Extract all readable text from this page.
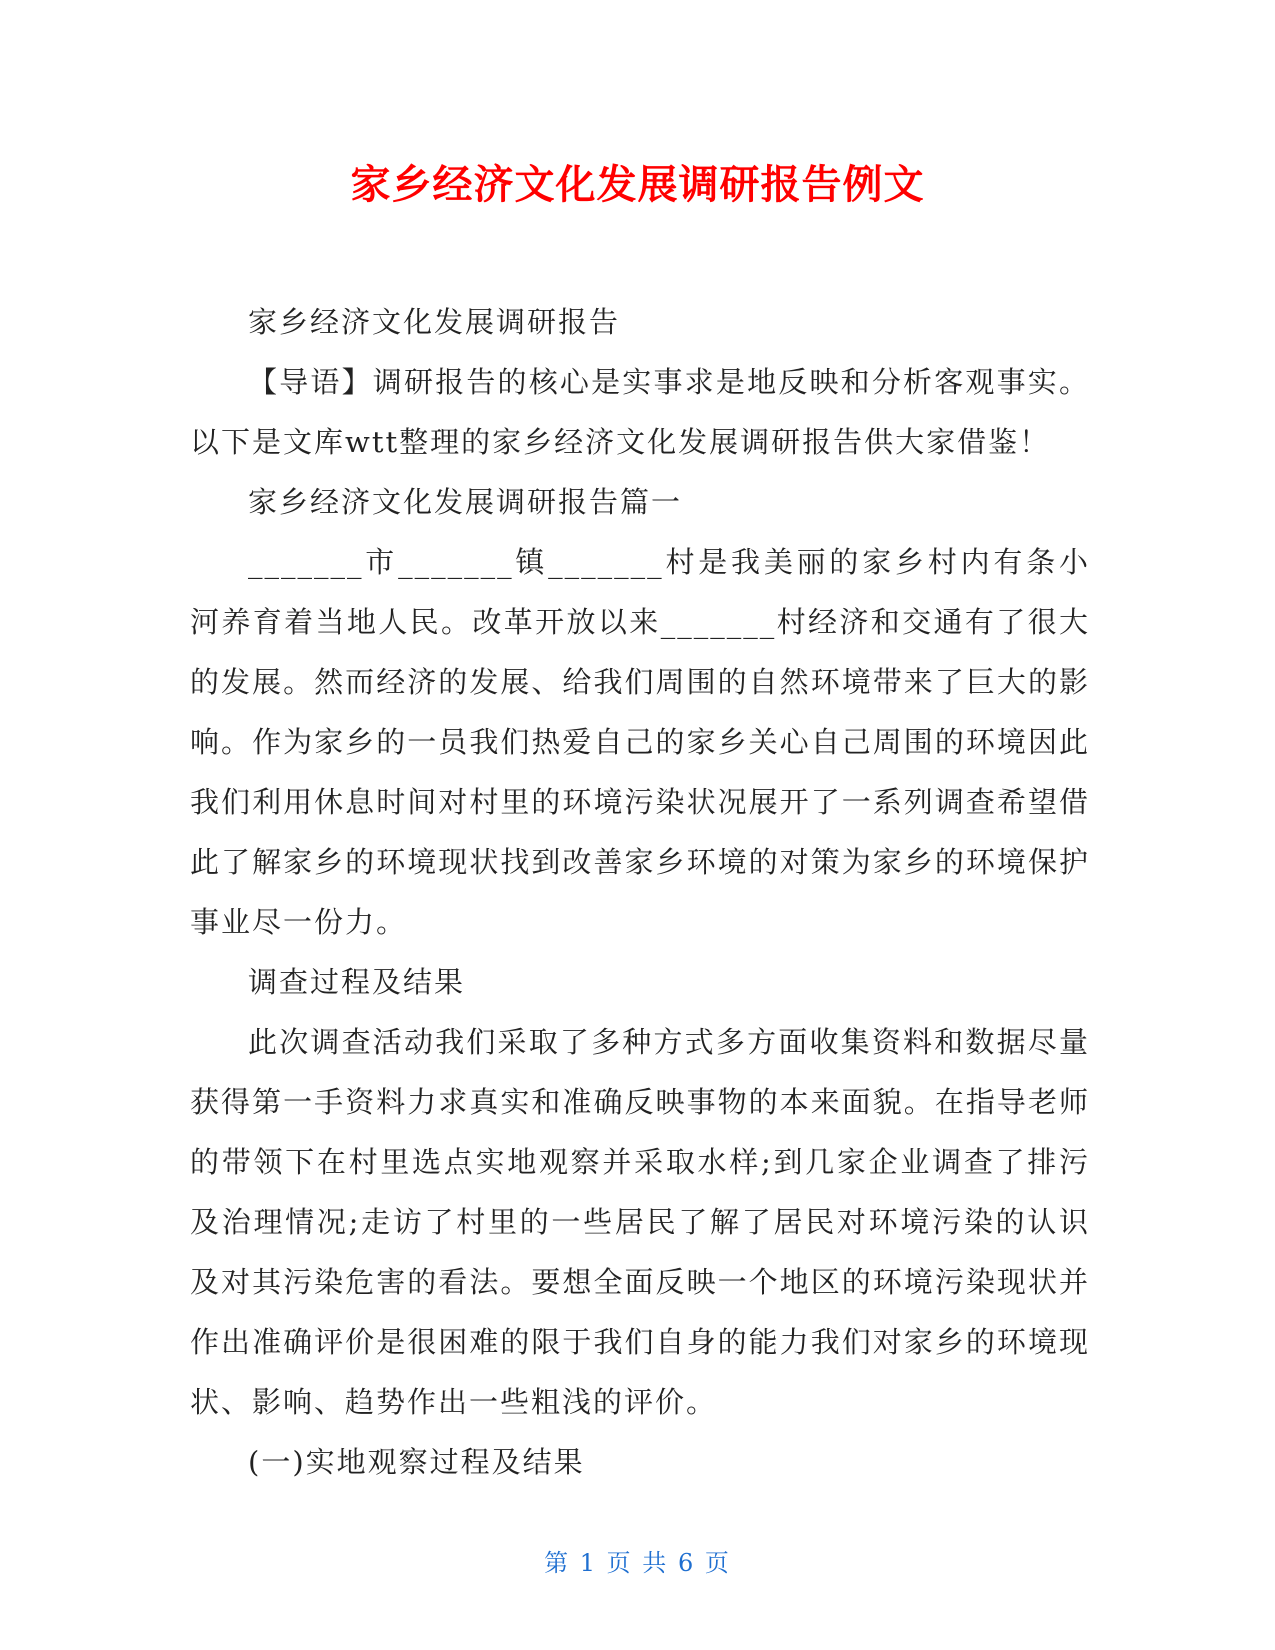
家乡经济文化发展调研报告例文

家乡经济文化发展调研报告

【导语】调研报告的核心是实事求是地反映和分析客观事实。以下是文库wtt整理的家乡经济文化发展调研报告供大家借鉴！

家乡经济文化发展调研报告篇一

_______市_______镇_______村是我美丽的家乡村内有条小河养育着当地人民。改革开放以来_______村经济和交通有了很大的发展。然而经济的发展、给我们周围的自然环境带来了巨大的影响。作为家乡的一员我们热爱自己的家乡关心自己周围的环境因此我们利用休息时间对村里的环境污染状况展开了一系列调查希望借此了解家乡的环境现状找到改善家乡环境的对策为家乡的环境保护事业尽一份力。

调查过程及结果

此次调查活动我们采取了多种方式多方面收集资料和数据尽量获得第一手资料力求真实和准确反映事物的本来面貌。在指导老师的带领下在村里选点实地观察并采取水样;到几家企业调查了排污及治理情况;走访了村里的一些居民了解了居民对环境污染的认识及对其污染危害的看法。要想全面反映一个地区的环境污染现状并作出准确评价是很困难的限于我们自身的能力我们对家乡的环境现状、影响、趋势作出一些粗浅的评价。

(一)实地观察过程及结果

第 1 页 共 6 页
